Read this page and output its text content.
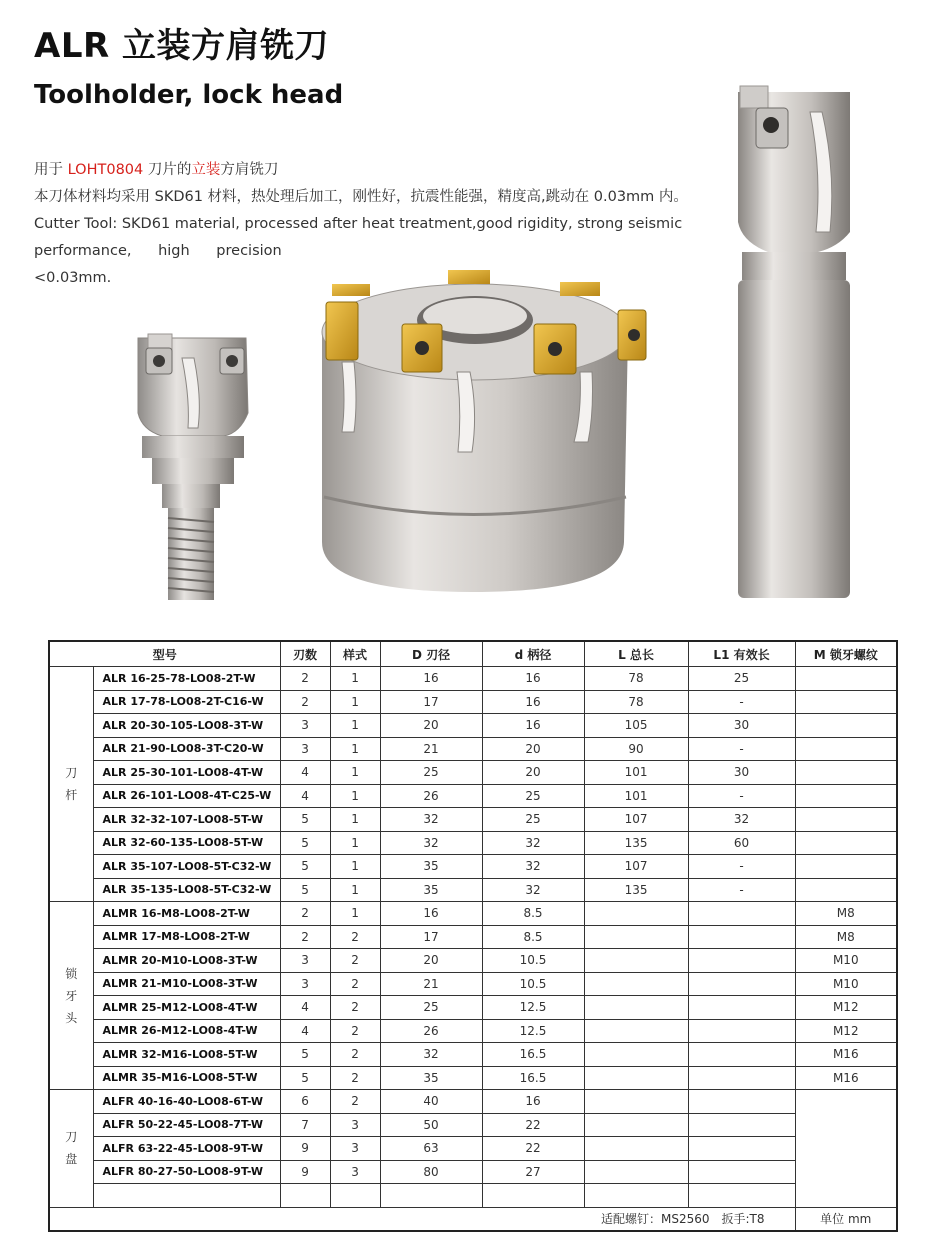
ALR 立装方肩铣刀
Toolholder, lock head
用于 LOHT0804 刀片的立装方肩铣刀
本刀体材料均采用 SKD61 材料，热处理后加工，刚性好，抗震性能强，精度高,跳动在 0.03mm 内。
Cutter Tool: SKD61 material, processed after heat treatment,good rigidity, strong seismic
performance, high precision
<0.03mm.
型号		刃数	样式	D 刃径	d 柄径	L 总长	L1 有效长	M 锁牙螺纹

刀
杆	ALR 16-25-78-LO08-2T-W	2	1	16	16	78	25	
	ALR 17-78-LO08-2T-C16-W	2	1	17	16	78	-	
	ALR 20-30-105-LO08-3T-W	3	1	20	16	105	30	
	ALR 21-90-LO08-3T-C20-W	3	1	21	20	90	-	
	ALR 25-30-101-LO08-4T-W	4	1	25	20	101	30	
	ALR 26-101-LO08-4T-C25-W	4	1	26	25	101	-	
	ALR 32-32-107-LO08-5T-W	5	1	32	25	107	32	
	ALR 32-60-135-LO08-5T-W	5	1	32	32	135	60	
	ALR 35-107-LO08-5T-C32-W	5	1	35	32	107	-	
	ALR 35-135-LO08-5T-C32-W	5	1	35	32	135	-	

锁
牙
头	ALMR 16-M8-LO08-2T-W	2	1	16	8.5			M8
	ALMR 17-M8-LO08-2T-W	2	2	17	8.5			M8
	ALMR 20-M10-LO08-3T-W	3	2	20	10.5			M10
	ALMR 21-M10-LO08-3T-W	3	2	21	10.5			M10
	ALMR 25-M12-LO08-4T-W	4	2	25	12.5			M12
	ALMR 26-M12-LO08-4T-W	4	2	26	12.5			M12
	ALMR 32-M16-LO08-5T-W	5	2	32	16.5			M16
	ALMR 35-M16-LO08-5T-W	5	2	35	16.5			M16

刀
盘	ALFR 40-16-40-LO08-6T-W	6	2	40	16			
	ALFR 50-22-45-LO08-7T-W	7	3	50	22			
	ALFR 63-22-45-LO08-9T-W	9	3	63	22			
	ALFR 80-27-50-LO08-9T-W	9	3	80	27			

适配螺钉：MS2560　扳手:T8								单位 mm
